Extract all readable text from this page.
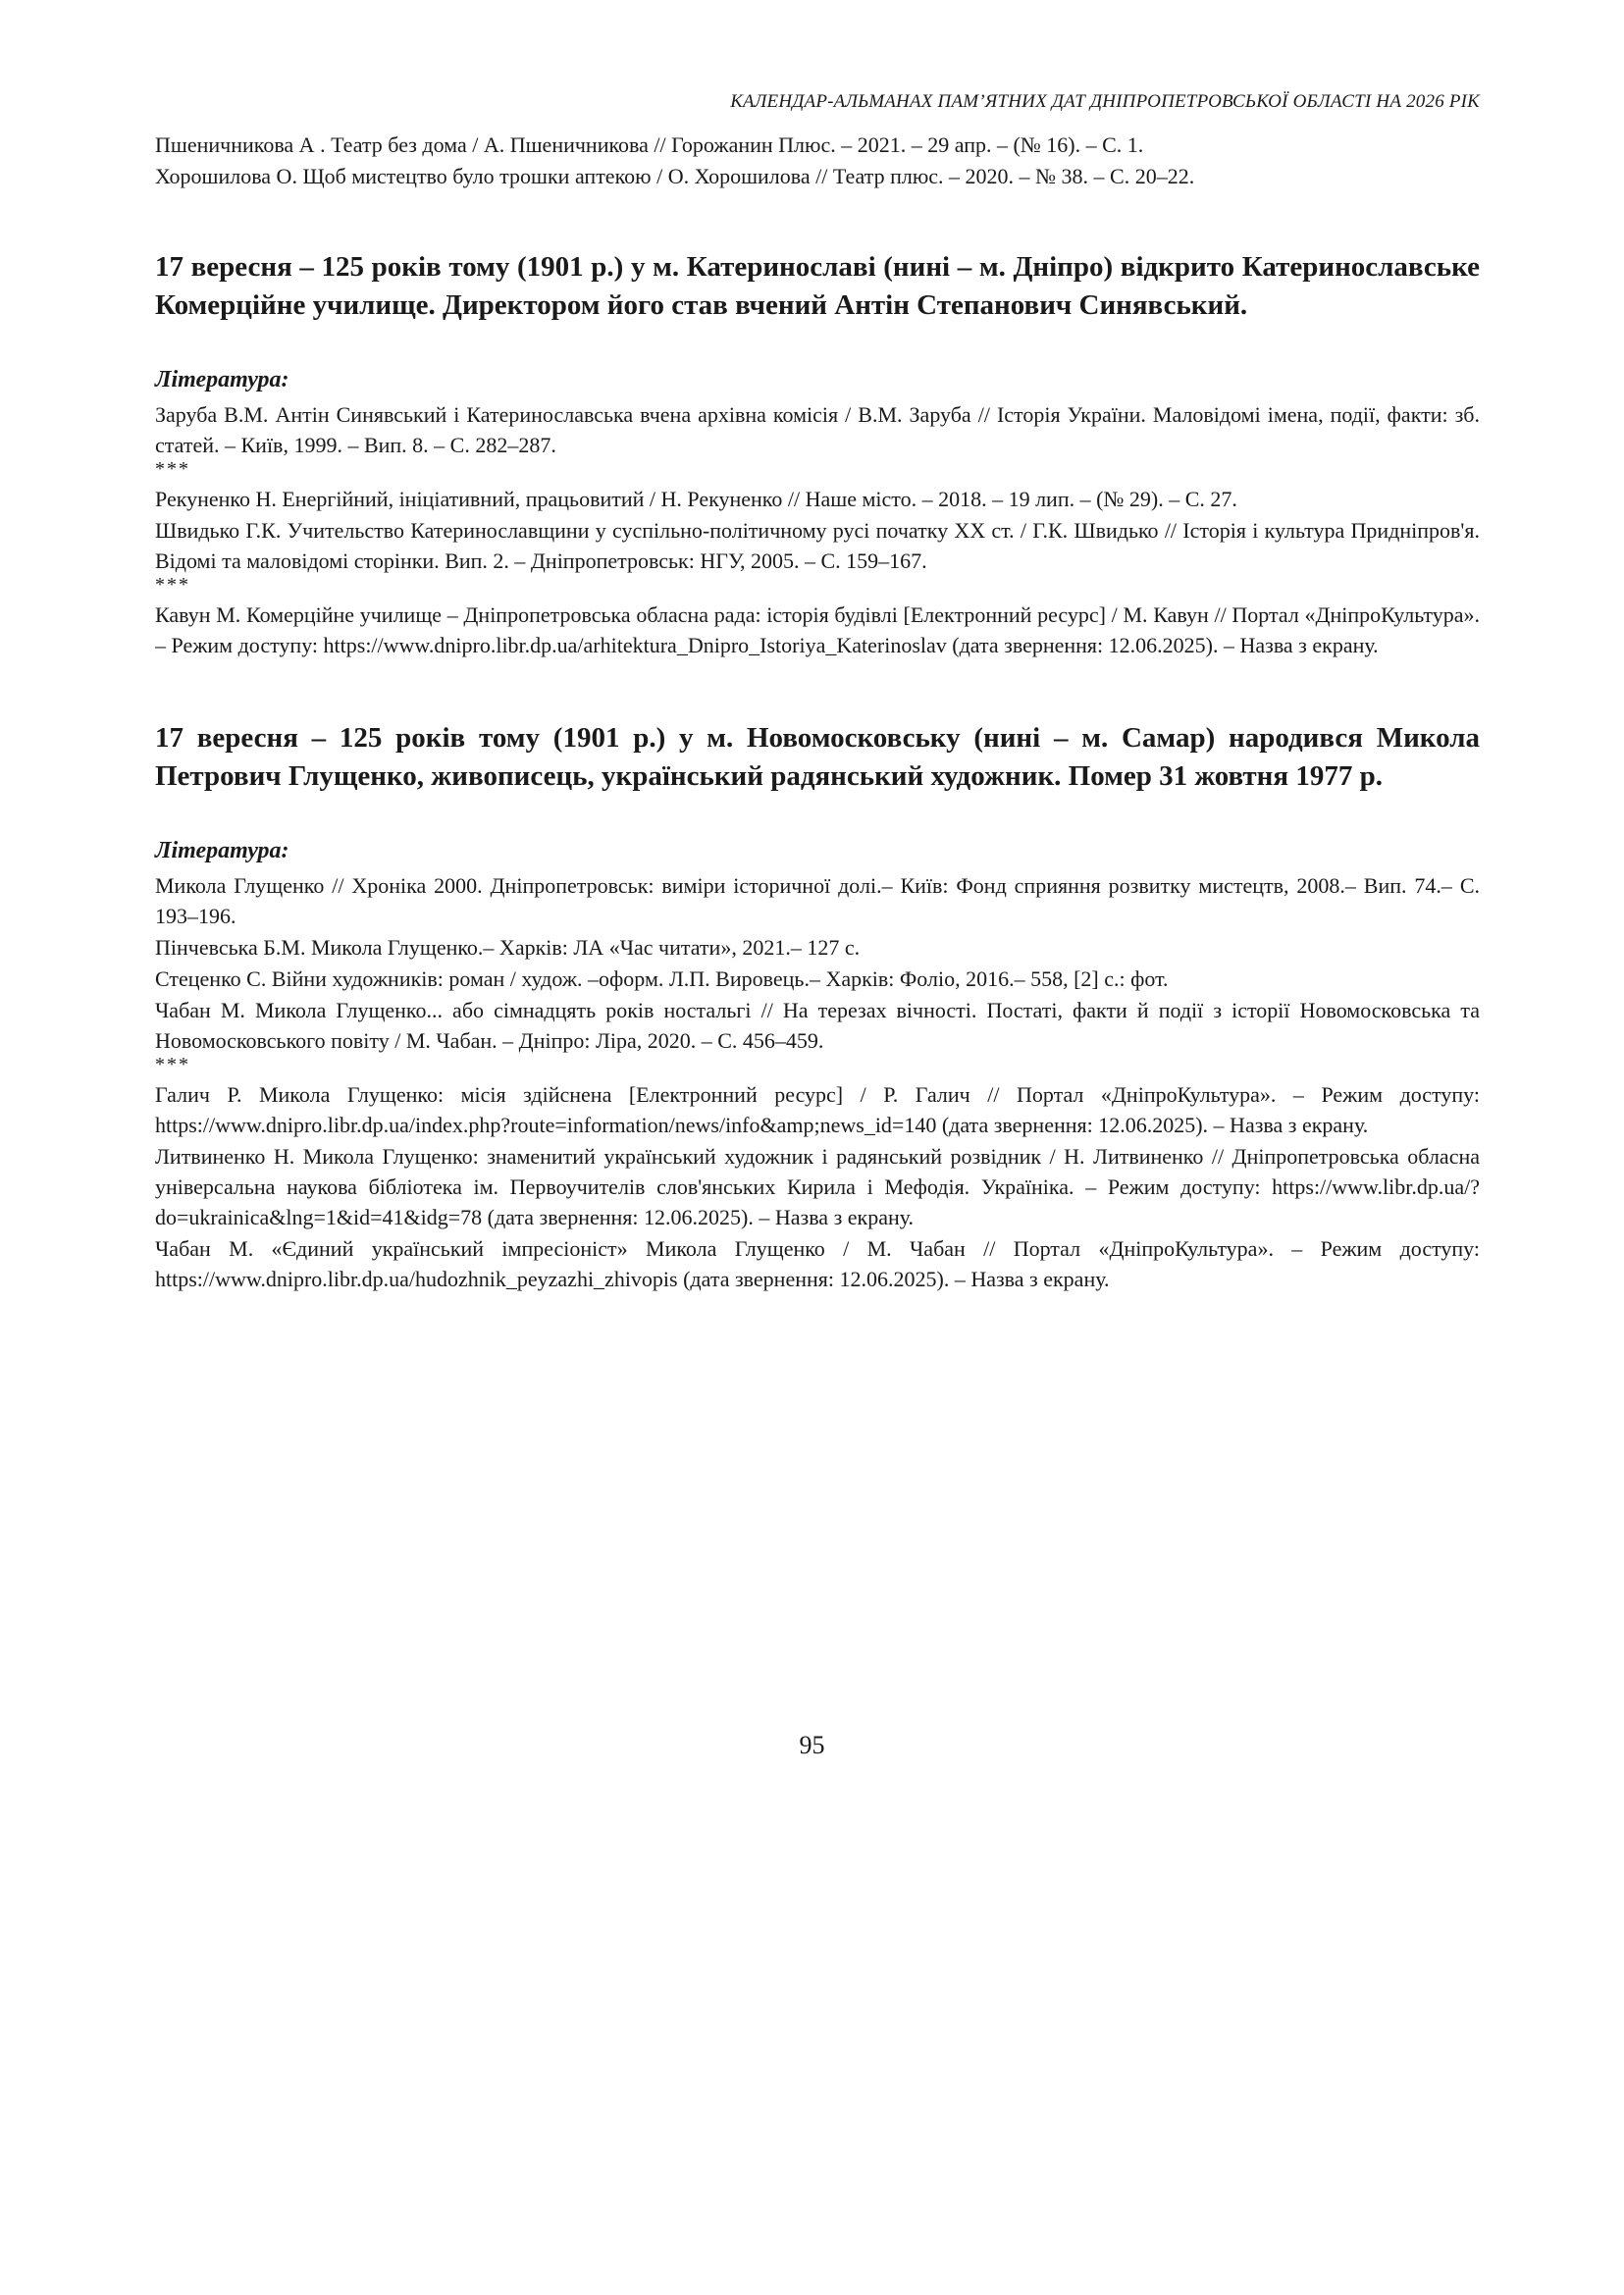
КАЛЕНДАР-АЛЬМАНАХ ПАМ’ЯТНИХ ДАТ ДНІПРОПЕТРОВСЬКОЇ ОБЛАСТІ НА 2026 РІК

Пшеничникова А . Театр без дома / А. Пшеничникова // Горожанин Плюс. – 2021. – 29 апр. – (№ 16). – С. 1.

Хорошилова О. Щоб мистецтво було трошки аптекою / О. Хорошилова // Театр плюс. – 2020. – № 38. – С. 20–22.

17 вересня – 125 років тому (1901 р.) у м. Катеринославі (нині – м. Дніпро) відкрито Катеринославське Комерційне училище. Директором його став вчений Антін Степанович Синявський.

Література:

Заруба В.М. Антін Синявський і Катеринославська вчена архівна комісія / В.М. Заруба // Історія України. Маловідомі імена, події, факти: зб. статей. – Київ, 1999. – Вип. 8. – С. 282–287.

***

Рекуненко Н. Енергійний, ініціативний, працьовитий / Н. Рекуненко // Наше місто. – 2018. – 19 лип. – (№ 29). – С. 27.

Швидько Г.К. Учительство Катеринославщини у суспільно-політичному русі початку ХХ ст. / Г.К. Швидько // Історія і культура Придніпров'я. Відомі та маловідомі сторінки. Вип. 2. – Дніпропетровськ: НГУ, 2005. – С. 159–167.

***

Кавун М. Комерційне училище – Дніпропетровська обласна рада: історія будівлі [Електронний ресурс] / М. Кавун // Портал «ДніпроКультура». – Режим доступу: https://www.dnipro.libr.dp.ua/arhitektura_Dnipro_Istoriya_Katerinoslav (дата звернення: 12.06.2025). – Назва з екрану.

17 вересня – 125 років тому (1901 р.) у м. Новомосковську (нині – м. Самар) народився Микола Петрович Глущенко, живописець, український радянський художник. Помер 31 жовтня 1977 р.

Література:

Микола Глущенко // Хроніка 2000. Дніпропетровськ: виміри історичної долі.– Київ: Фонд сприяння розвитку мистецтв, 2008.– Вип. 74.– С. 193–196.

Пінчевська Б.М. Микола Глущенко.– Харків: ЛА «Час читати», 2021.– 127 с.

Стеценко С. Війни художників: роман / худож. –оформ. Л.П. Вировець.– Харків: Фоліо, 2016.– 558, [2] с.: фот.

Чабан М. Микола Глущенко... або сімнадцять років ностальгі // На терезах вічності. Постаті, факти й події з історії Новомосковська та Новомосковського повіту / М. Чабан. – Дніпро: Ліра, 2020. – С. 456–459.

***

Галич Р. Микола Глущенко: місія здійснена [Електронний ресурс] / Р. Галич // Портал «ДніпроКультура». – Режим доступу: https://www.dnipro.libr.dp.ua/index.php?route=information/news/info&amp;news_id=140 (дата звернення: 12.06.2025). – Назва з екрану.

Литвиненко Н. Микола Глущенко: знаменитий український художник і радянський розвідник / Н. Литвиненко // Дніпропетровська обласна універсальна наукова бібліотека ім. Первоучителів слов'янських Кирила і Мефодія. Україніка. – Режим доступу: https://www.libr.dp.ua/?do=ukrainica&lng=1&id=41&idg=78 (дата звернення: 12.06.2025). – Назва з екрану.

Чабан М. «Єдиний український імпресіоніст» Микола Глущенко / М. Чабан // Портал «ДніпроКультура». – Режим доступу: https://www.dnipro.libr.dp.ua/hudozhnik_peyzazhi_zhivopis (дата звернення: 12.06.2025). – Назва з екрану.

95
